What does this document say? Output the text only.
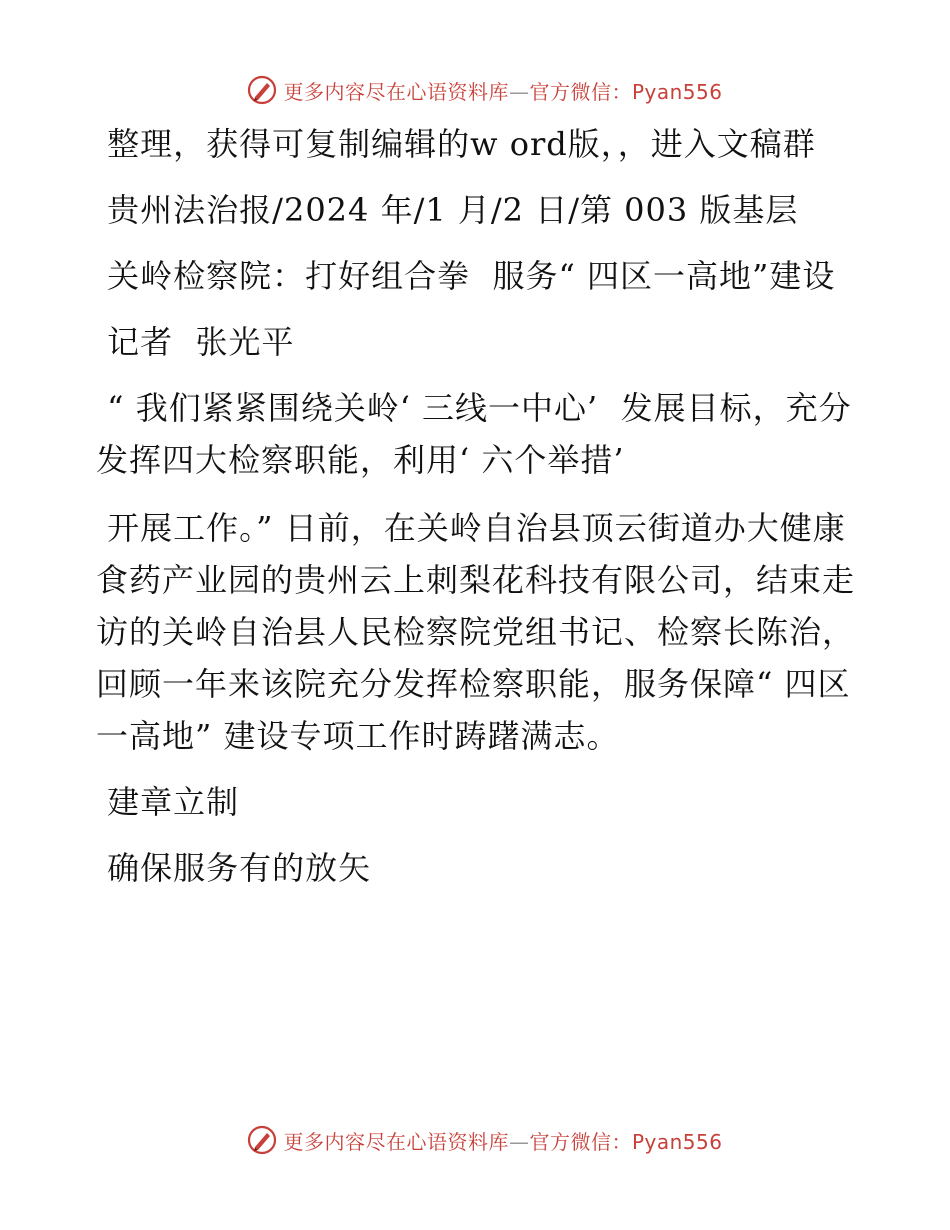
更多内容尽在心语资料库—官方微信：Pyan556

整理，获得可复制编辑的w ord版，，进入文稿群

贵州法治报/2024 年/1 月/2 日/第 003 版基层

关岭检察院：打好组合拳  服务“ 四区一高地”建设

记者  张光平

“ 我们紧紧围绕关岭‘ 三线一中心’  发展目标，充分发挥四大检察职能，利用‘ 六个举措’

开展工作。” 日前，在关岭自治县顶云街道办大健康食药产业园的贵州云上刺梨花科技有限公司，结束走访的关岭自治县人民检察院党组书记、检察长陈治，回顾一年来该院充分发挥检察职能，服务保障“ 四区一高地” 建设专项工作时踌躇满志。

建章立制

确保服务有的放矢

更多内容尽在心语资料库—官方微信：Pyan556
